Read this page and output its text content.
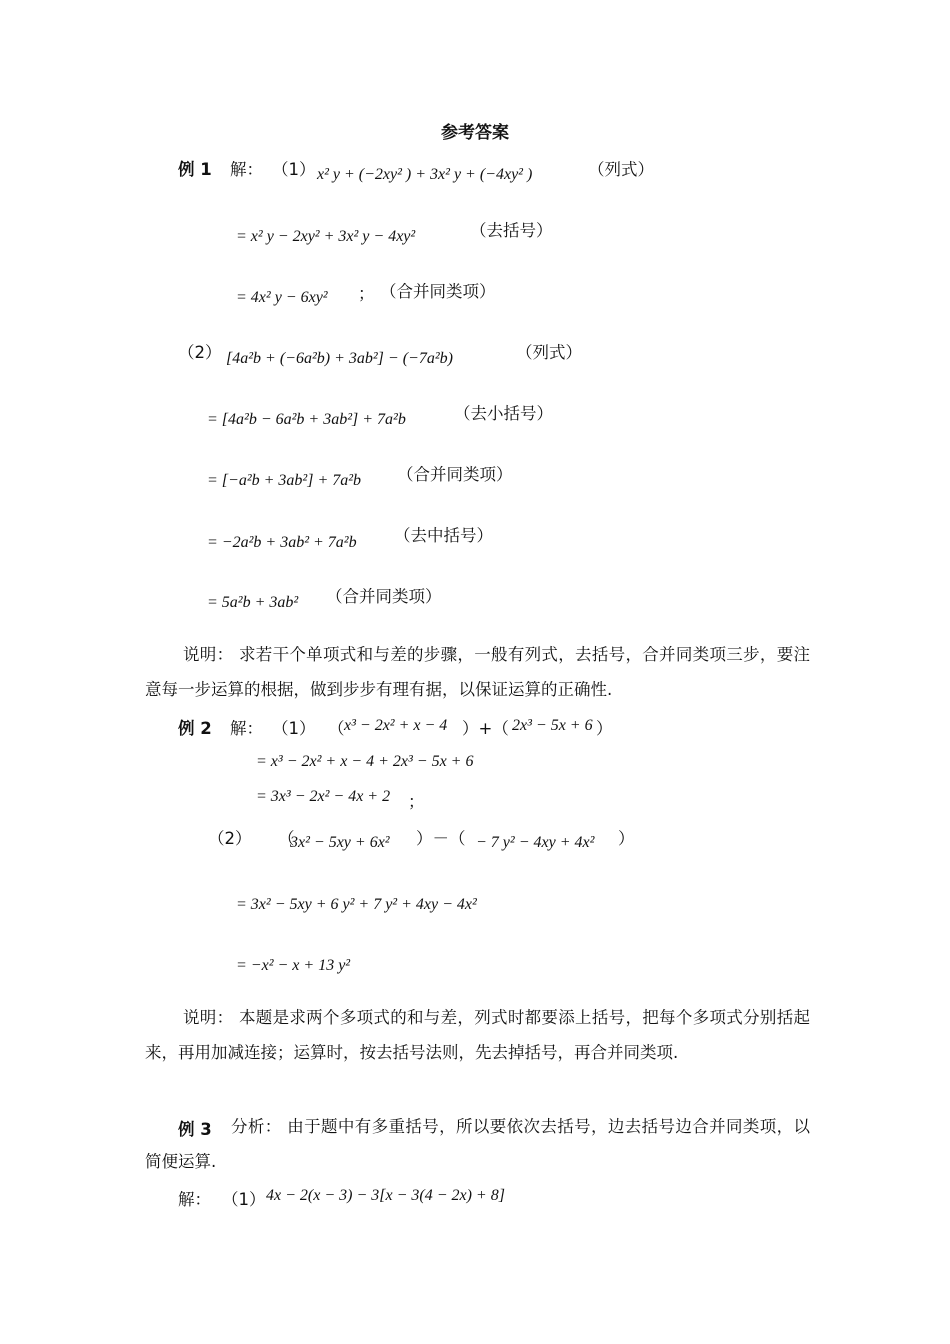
参考答案
例 1 解： （1） x² y + (−2xy² ) + 3x² y + (−4xy² )	（列式）
= x² y − 2xy² + 3x² y − 4xy²	（去括号）
= 4x² y − 6xy² ； （合并同类项）
（2） [4a²b + (−6a²b) + 3ab²] − (−7a²b)	（列式）
= [4a²b − 6a²b + 3ab²] + 7a²b	（去小括号）
= [−a²b + 3ab²] + 7a²b （合并同类项）
= −2a²b + 3ab² + 7a²b （去中括号）
= 5a²b + 3ab² （合并同类项）
说明： 求若干个单项式和与差的步骤，一般有列式，去括号，合并同类项三步，要注意每一步运算的根据，做到步步有理有据，以保证运算的正确性.
例 2 解： （1） （ x³ − 2x² + x − 4 ）+（ 2x³ − 5x + 6 ）
= x³ − 2x² + x − 4 + 2x³ − 5x + 6
= 3x³ − 2x² − 4x + 2 ；
（2） （
3x² − 5xy + 6x² ）－（ − 7 y² − 4xy + 4x² ）
= 3x² − 5xy + 6 y² + 7 y² + 4xy − 4x²
= −x² − x + 13 y²
说明： 本题是求两个多项式的和与差，列式时都要添上括号，把每个多项式分别括起来，再用加减连接；运算时，按去括号法则，先去掉括号，再合并同类项.
例 3	分析： 由于题中有多重括号，所以要依次去括号，边去括号边合并同类项，以简便运算.
解： （1） 4x − 2(x − 3) − 3[x − 3(4 − 2x) + 8]
